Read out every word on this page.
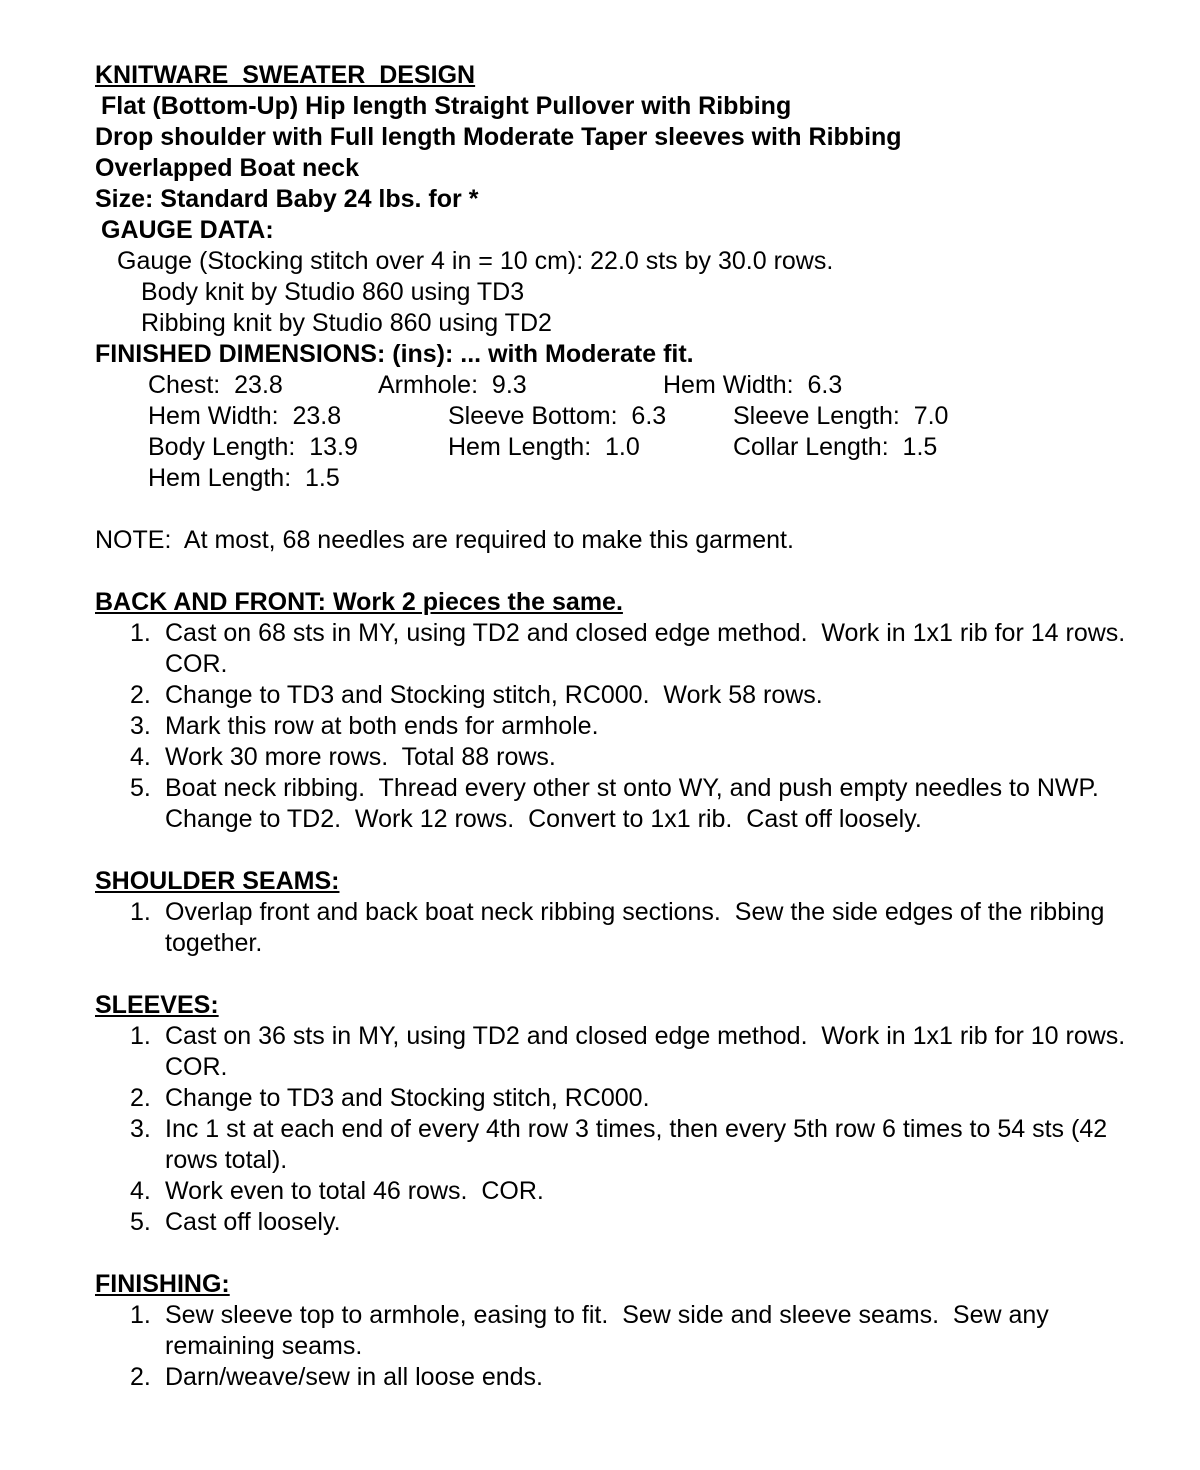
KNITWARE  SWEATER  DESIGN
Flat (Bottom-Up) Hip length Straight Pullover with Ribbing
Drop shoulder with Full length Moderate Taper sleeves with Ribbing
Overlapped Boat neck
Size: Standard Baby 24 lbs. for *
GAUGE DATA:
Gauge (Stocking stitch over 4 in = 10 cm): 22.0 sts by 30.0 rows.
Body knit by Studio 860 using TD3
Ribbing knit by Studio 860 using TD2
FINISHED DIMENSIONS: (ins): ... with Moderate fit.
Chest:  23.8	Armhole:  9.3	Hem Width:  6.3
Hem Width:  23.8	Sleeve Bottom:  6.3	Sleeve Length:  7.0
Body Length:  13.9	Hem Length:  1.0	Collar Length:  1.5
Hem Length:  1.5
NOTE:  At most, 68 needles are required to make this garment.
BACK AND FRONT: Work 2 pieces the same.
1. Cast on 68 sts in MY, using TD2 and closed edge method.  Work in 1x1 rib for 14 rows.  COR.
2. Change to TD3 and Stocking stitch, RC000.  Work 58 rows.
3. Mark this row at both ends for armhole.
4. Work 30 more rows.  Total 88 rows.
5. Boat neck ribbing.  Thread every other st onto WY, and push empty needles to NWP.  Change to TD2.  Work 12 rows.  Convert to 1x1 rib.  Cast off loosely.
SHOULDER SEAMS:
1. Overlap front and back boat neck ribbing sections.  Sew the side edges of the ribbing together.
SLEEVES:
1. Cast on 36 sts in MY, using TD2 and closed edge method.  Work in 1x1 rib for 10 rows.  COR.
2. Change to TD3 and Stocking stitch, RC000.
3. Inc 1 st at each end of every 4th row 3 times, then every 5th row 6 times to 54 sts (42 rows total).
4. Work even to total 46 rows.  COR.
5. Cast off loosely.
FINISHING:
1. Sew sleeve top to armhole, easing to fit.  Sew side and sleeve seams.  Sew any remaining seams.
2. Darn/weave/sew in all loose ends.
